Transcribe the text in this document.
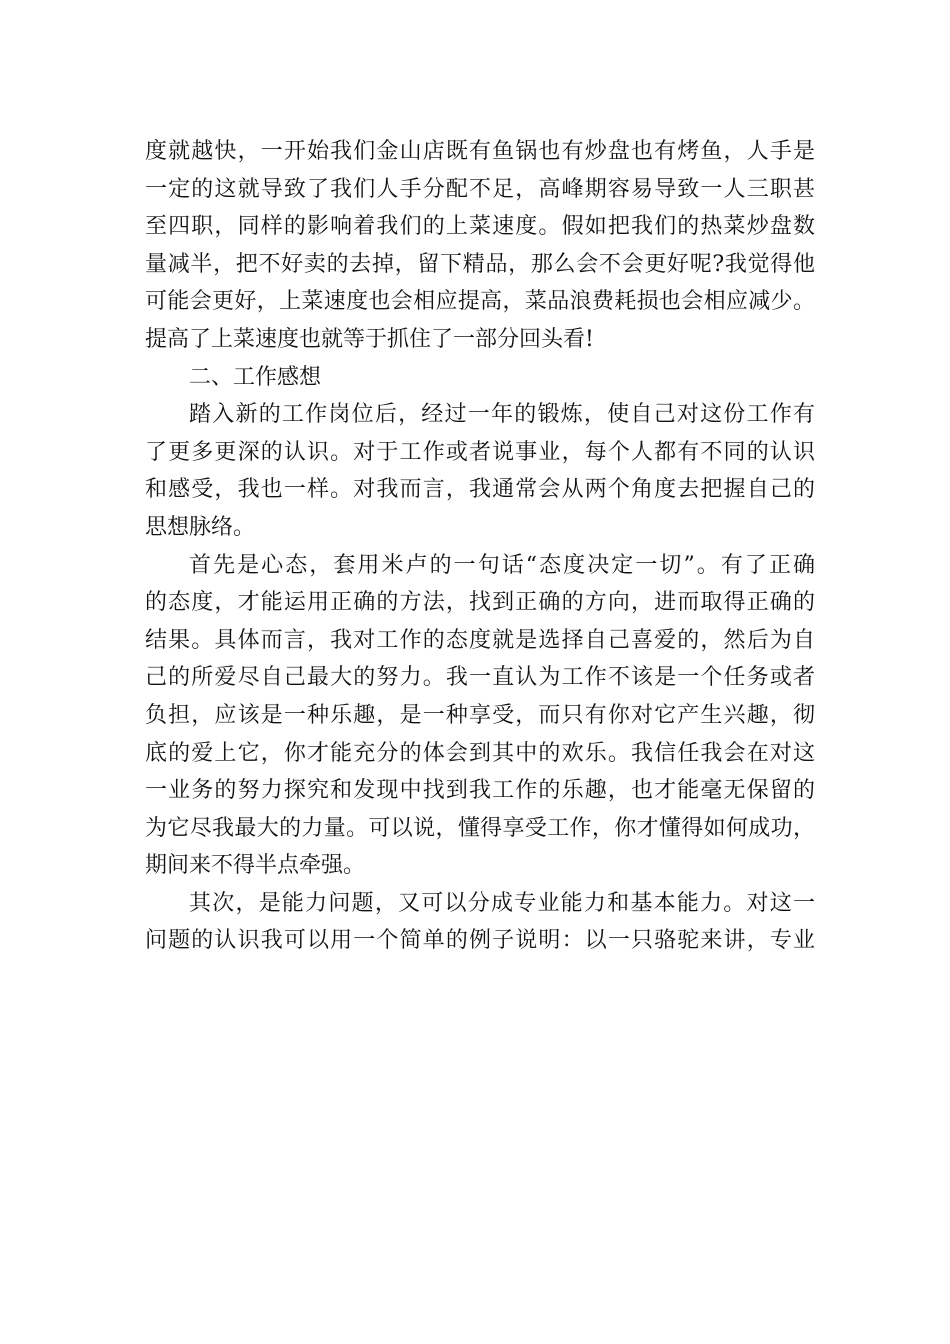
度就越快，一开始我们金山店既有鱼锅也有炒盘也有烤鱼，人手是
一定的这就导致了我们人手分配不足，高峰期容易导致一人三职甚
至四职，同样的影响着我们的上菜速度。假如把我们的热菜炒盘数
量减半，把不好卖的去掉，留下精品，那么会不会更好呢?我觉得他
可能会更好，上菜速度也会相应提高，菜品浪费耗损也会相应减少。
提高了上菜速度也就等于抓住了一部分回头看!
二、工作感想
踏入新的工作岗位后，经过一年的锻炼，使自己对这份工作有
了更多更深的认识。对于工作或者说事业，每个人都有不同的认识
和感受，我也一样。对我而言，我通常会从两个角度去把握自己的
思想脉络。
首先是心态，套用米卢的一句话“态度决定一切”。有了正确
的态度，才能运用正确的方法，找到正确的方向，进而取得正确的
结果。具体而言，我对工作的态度就是选择自己喜爱的，然后为自
己的所爱尽自己最大的努力。我一直认为工作不该是一个任务或者
负担，应该是一种乐趣，是一种享受，而只有你对它产生兴趣，彻
底的爱上它，你才能充分的体会到其中的欢乐。我信任我会在对这
一业务的努力探究和发现中找到我工作的乐趣，也才能毫无保留的
为它尽我最大的力量。可以说，懂得享受工作，你才懂得如何成功，
期间来不得半点牵强。
其次，是能力问题，又可以分成专业能力和基本能力。对这一
问题的认识我可以用一个简单的例子说明：以一只骆驼来讲，专业
